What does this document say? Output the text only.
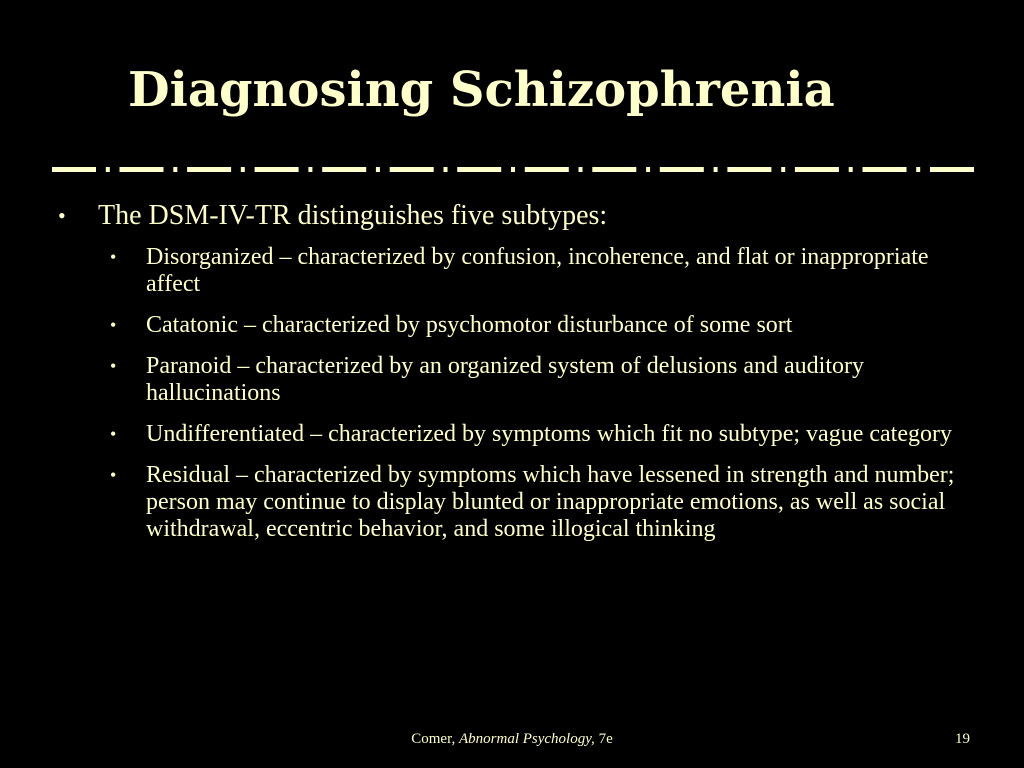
Diagnosing Schizophrenia
•	The DSM-IV-TR distinguishes five subtypes:
•	Disorganized – characterized by confusion, incoherence, and flat or inappropriate affect
•	Catatonic – characterized by psychomotor disturbance of some sort
•	Paranoid – characterized by an organized system of delusions and auditory hallucinations
•	Undifferentiated – characterized by symptoms which fit no subtype; vague category
•	Residual – characterized by symptoms which have lessened in strength and number; person may continue to display blunted or inappropriate emotions, as well as social withdrawal, eccentric behavior, and some illogical thinking
Comer, Abnormal Psychology, 7e	19
